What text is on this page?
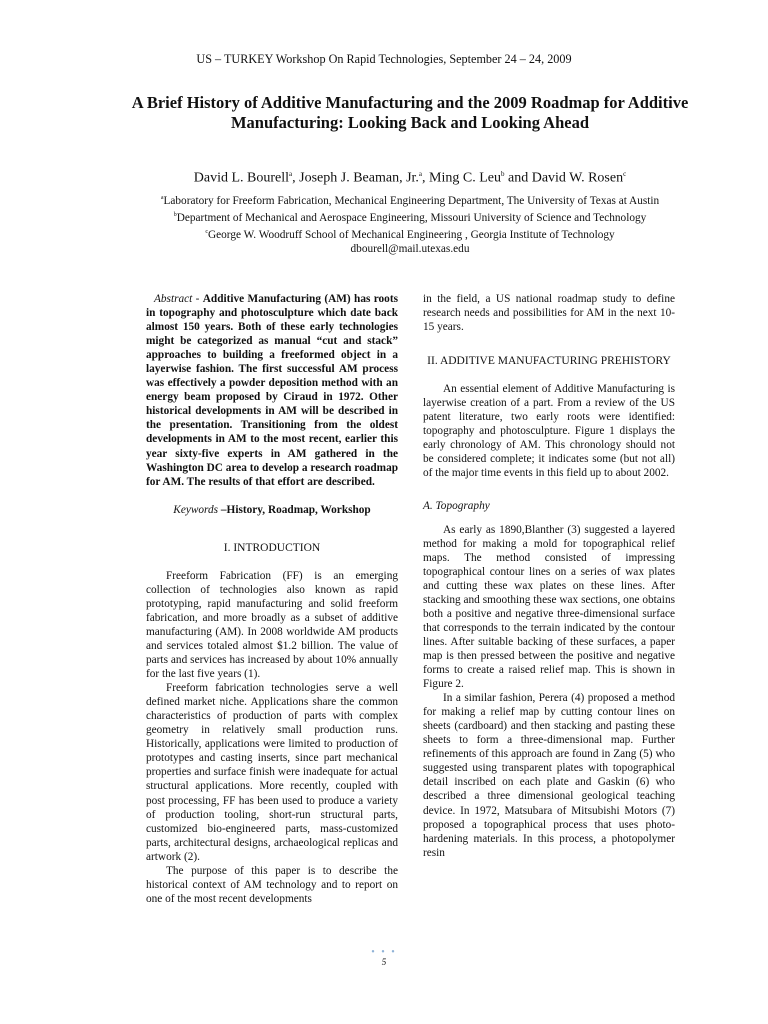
US – TURKEY Workshop On Rapid Technologies, September 24 – 24, 2009
A Brief History of Additive Manufacturing and the 2009 Roadmap for Additive Manufacturing: Looking Back and Looking Ahead
David L. Bourell$^a$, Joseph J. Beaman, Jr.$^a$, Ming C. Leu$^b$ and David W. Rosen$^c$
$^a$Laboratory for Freeform Fabrication, Mechanical Engineering Department, The University of Texas at Austin
$^b$Department of Mechanical and Aerospace Engineering, Missouri University of Science and Technology
$^c$George W. Woodruff School of Mechanical Engineering , Georgia Institute of Technology
dbourell@mail.utexas.edu
Abstract - Additive Manufacturing (AM) has roots in topography and photosculpture which date back almost 150 years. Both of these early technologies might be categorized as manual “cut and stack” approaches to building a freeformed object in a layerwise fashion. The first successful AM process was effectively a powder deposition method with an energy beam proposed by Ciraud in 1972. Other historical developments in AM will be described in the presentation. Transitioning from the oldest developments in AM to the most recent, earlier this year sixty-five experts in AM gathered in the Washington DC area to develop a research roadmap for AM. The results of that effort are described.
Keywords –History, Roadmap, Workshop
I. INTRODUCTION

Freeform Fabrication (FF) is an emerging collection of technologies also known as rapid prototyping, rapid manufacturing and solid freeform fabrication, and more broadly as a subset of additive manufacturing (AM). In 2008 worldwide AM products and services totaled almost $1.2 billion. The value of parts and services has increased by about 10% annually for the last five years (1).

Freeform fabrication technologies serve a well defined market niche. Applications share the common characteristics of production of parts with complex geometry in relatively small production runs. Historically, applications were limited to production of prototypes and casting inserts, since part mechanical properties and surface finish were inadequate for actual structural applications. More recently, coupled with post processing, FF has been used to produce a variety of production tooling, short-run structural parts, customized bio-engineered parts, mass-customized parts, architectural designs, archaeological replicas and artwork (2).

The purpose of this paper is to describe the historical context of AM technology and to report on one of the most recent developments

in the field, a US national roadmap study to define research needs and possibilities for AM in the next 10-15 years.

II. ADDITIVE MANUFACTURING PREHISTORY

An essential element of Additive Manufacturing is layerwise creation of a part. From a review of the US patent literature, two early roots were identified: topography and photosculpture. Figure 1 displays the early chronology of AM. This chronology should not be considered complete; it indicates some (but not all) of the major time events in this field up to about 2002.

A. Topography

As early as 1890,Blanther (3) suggested a layered method for making a mold for topographical relief maps. The method consisted of impressing topographical contour lines on a series of wax plates and cutting these wax plates on these lines. After stacking and smoothing these wax sections, one obtains both a positive and negative three-dimensional surface that corresponds to the terrain indicated by the contour lines. After suitable backing of these surfaces, a paper map is then pressed between the positive and negative forms to create a raised relief map. This is shown in Figure 2.

In a similar fashion, Perera (4) proposed a method for making a relief map by cutting contour lines on sheets (cardboard) and then stacking and pasting these sheets to form a three-dimensional map. Further refinements of this approach are found in Zang (5) who suggested using transparent plates with topographical detail inscribed on each plate and Gaskin (6) who described a three dimensional geological teaching device. In 1972, Matsubara of Mitsubishi Motors (7) proposed a topographical process that uses photo-hardening materials. In this process, a photopolymer resin

• • •
5
